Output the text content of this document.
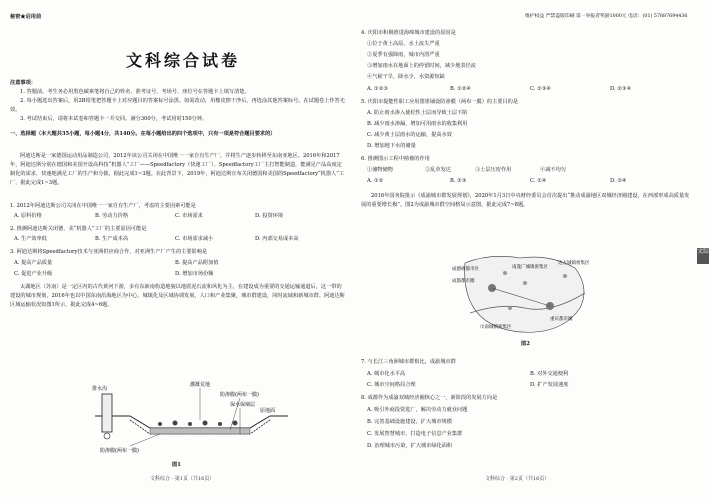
秘密★启用前
文科综合试卷
注意事项：
1. 答题前，考生务必用黑色碳素笔将自己的姓名、准考证号、考场号、座位号在答题卡上填写清楚。
2. 每小题选出答案后，用2B铅笔把答题卡上对应题目的答案标号涂黑。如需改动，用橡皮擦干净后，再选涂其他答案标号。在试题卷上作答无效。
3. 考试结束后，请将本试卷和答题卡一并交回。满分300分，考试用时150分钟。
一、选择题（本大题共35小题，每小题4分，共140分。在每小题给出的四个选项中，只有一项是符合题目要求的）
阿迪达斯是一家德国运动用品制造公司，2012年该公司关闭在中国唯一一家自有生产厂，并将生产逐步转移至东南亚地区。2016年和2017年，阿迪达斯分别在德国和美国开设高科技“机器人”工厂——Speedfactory（快速工厂）。Speedfactory工厂主打智能制造，能满足产品高度定制化的需求，快速地满足工厂的生产和分拨，据此完成1~3题。在此背景下，2019年，阿迪达斯宣布关闭德国和美国的Speedfactory“机器人”工厂，据此完成1~3题。
1. 2012年阿迪达斯公司关闭在中国唯一一家自有生产厂，考虑的主要因素可能是
A. 原料价格	B. 劳动力价格	C. 市场需求	D. 投资环境
2. 推测阿迪达斯关闭德、美“机器人”工厂的主要原因可能是
A. 生产效率低	B. 生产成本高	C. 市场需求减小	D. 内部交易成本高
3. 阿迪达斯将Speedfactory技术与亚洲供应商合作，对亚洲生产厂产生的主要影响是
A. 提高产品质量	B. 提高产品附加值
C. 促进产业升级	D. 增加市场份额
太湖地区（苏南）是一定区内的古代黄河下游，多有东新南构造地貌以地震泥石流和风化为主，在建设成为重要的交通运输通道后，这一带的建设的城市规划，2016年也以中国东南沿海地区为中心，城镇化及区域协调发展，人口和产业集聚，城市群建设，同时流域和新城市群。阿迪达斯区域运输状况如图1所示，据此完成4~6题。
灌溉荒地
防渗膜(两布一膜)
保水保墒层
防渗膜(两布一膜)
排水沟
原地面
图1
文科综合 · 第1页（共16页）
维护权益 严禁盗版印刷 第一举报者奖励1000元 电话：(01) 57887694436
4. 庆阳市积极推进海绵城市建设的原因是
①位于黄土高原，水土流失严重
②夏季有强降雨，城市内涝严重
③增加雨水在地面上的停留时间，减少地表径流
④气候干旱，降水少，水资源短缺
A. ①②③	B. ①②④	C. ①③④	D. ②③④
5. 庆阳市提能性职工应用图墨铺设防渗膜（两布一膜）的主要目的是
A. 防止雨水渗入使松性土层而导致土层下陷
B. 减少雨水渗漏，增加可用雨水的收集利用
C. 减少黄土层雨水的运输，提高水效
D. 增加地下水的储量
6. 推测图示工程中植被的作用
①储物储物	②乱草发达	③土层压密作用	④减不均匀
A. ①②	B. ②③	C. ①④	D. ③④
2016年国务院批示《成渝城市群发展规划》，2020年1月3日中央财经委员会首次提出“推动成渝地区双城经济圈建设，在西部形成高质量发展的重要增长极”。图2为成渝城市群空间格局示意图。据此完成7~8题。
成德绵都市区
成都都市圈
川南城镇密集区
重庆都市圈
南遂广城镇密集区
达万城镇密集区
图2
7. 与长江三角洲城市群相比，成渝城市群
A. 城市化水平高	B. 对外交通便利
C. 城市空间格局合理	D. 扩产发展速度
8. 成都作为成渝双城经济圈核心之一，新阶段的发展方向是
A. 吸引外商投资进厂，解决劳动力就业问题
B. 完善基础设施建设，扩大城市规模
C. 发展智慧城市，打造电子信息产业集群
D. 治理城市污染，扩大城市绿化面积
文科综合 · 第2页（共16页）
文综
